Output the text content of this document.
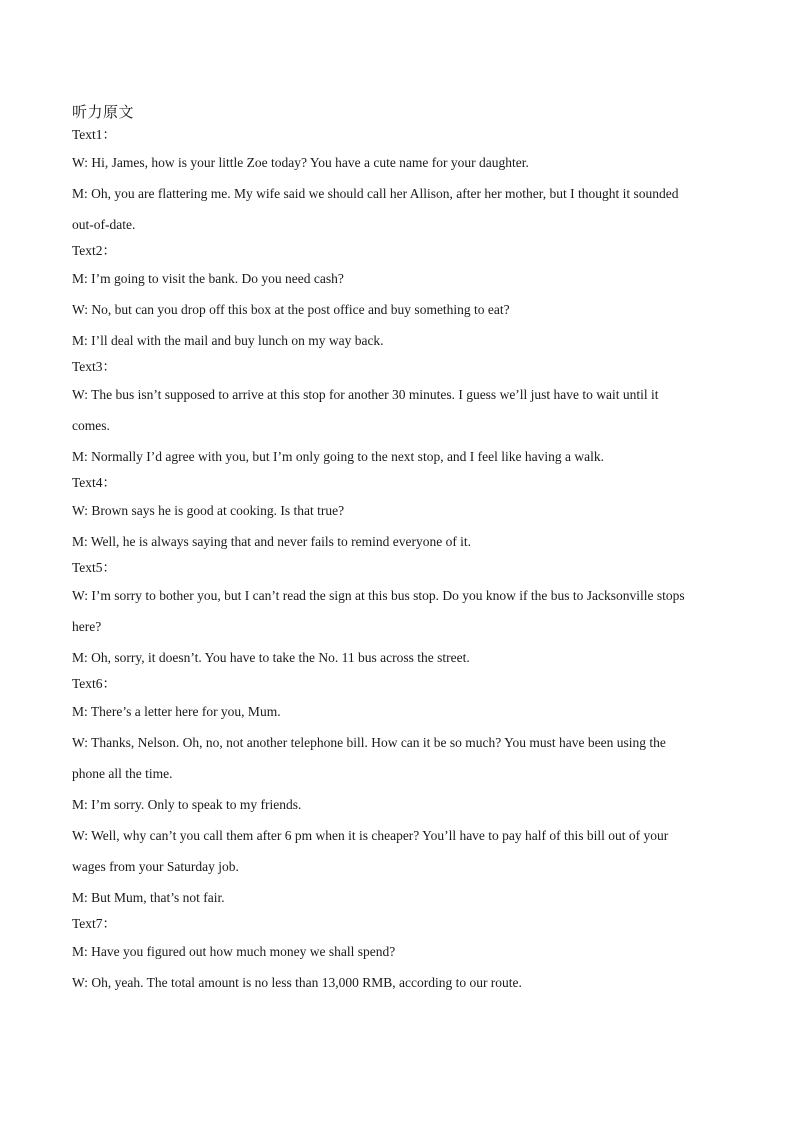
听力原文

Text1：

W: Hi, James, how is your little Zoe today? You have a cute name for your daughter.

M: Oh, you are flattering me. My wife said we should call her Allison, after her mother, but I thought it sounded

out-of-date.

Text2：

M: I’m going to visit the bank. Do you need cash?

W: No, but can you drop off this box at the post office and buy something to eat?

M: I’ll deal with the mail and buy lunch on my way back.

Text3：

W: The bus isn’t supposed to arrive at this stop for another 30 minutes. I guess we’ll just have to wait until it

comes.

M: Normally I’d agree with you, but I’m only going to the next stop, and I feel like having a walk.

Text4：

W: Brown says he is good at cooking. Is that true?

M: Well, he is always saying that and never fails to remind everyone of it.

Text5：

W: I’m sorry to bother you, but I can’t read the sign at this bus stop. Do you know if the bus to Jacksonville stops

here?

M: Oh, sorry, it doesn’t. You have to take the No. 11 bus across the street.

Text6：

M: There’s a letter here for you, Mum.

W: Thanks, Nelson. Oh, no, not another telephone bill. How can it be so much? You must have been using the

phone all the time.

M: I’m sorry. Only to speak to my friends.

W: Well, why can’t you call them after 6 pm when it is cheaper? You’ll have to pay half of this bill out of your

wages from your Saturday job.

M: But Mum, that’s not fair.

Text7：

M: Have you figured out how much money we shall spend?

W: Oh, yeah. The total amount is no less than 13,000 RMB, according to our route.
